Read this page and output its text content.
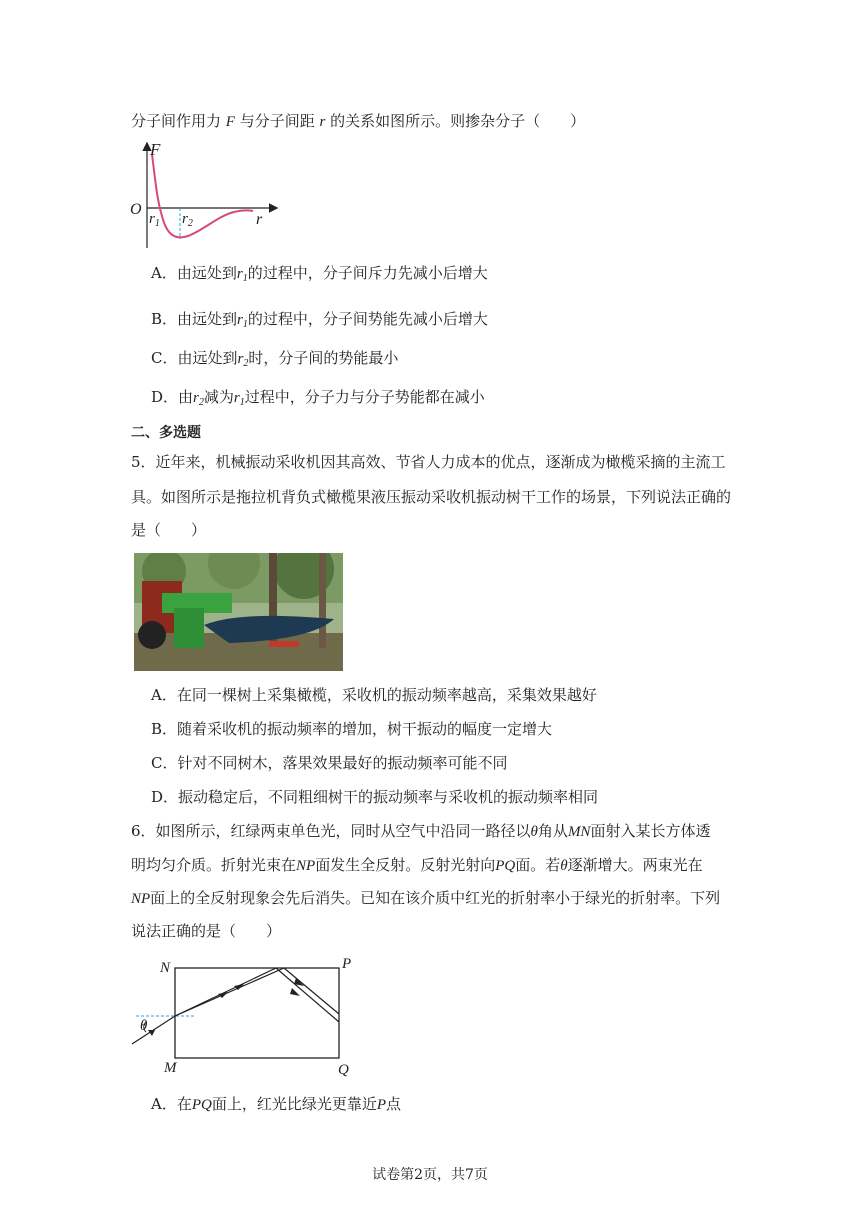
分子间作用力 F 与分子间距 r 的关系如图所示。则掺杂分子（　　）
F
O
$r_1$ $r_2$	r
A．由远处到$r_1$的过程中，分子间斥力先减小后增大
B．由远处到$r_1$的过程中，分子间势能先减小后增大
C．由远处到$r_2$时，分子间的势能最小
D．由$r_2$减为$r_1$过程中，分子力与分子势能都在减小
二、多选题
5．近年来，机械振动采收机因其高效、节省人力成本的优点，逐渐成为橄榄采摘的主流工
具。如图所示是拖拉机背负式橄榄果液压振动采收机振动树干工作的场景，下列说法正确的
是（　　）
A．在同一棵树上采集橄榄，采收机的振动频率越高，采集效果越好
B．随着采收机的振动频率的增加，树干振动的幅度一定增大
C．针对不同树木，落果效果最好的振动频率可能不同
D．振动稳定后，不同粗细树干的振动频率与采收机的振动频率相同
6．如图所示，红绿两束单色光，同时从空气中沿同一路径以θ角从MN面射入某长方体透
明均匀介质。折射光束在NP面发生全反射。反射光射向PQ面。若θ逐渐增大。两束光在
NP面上的全反射现象会先后消失。已知在该介质中红光的折射率小于绿光的折射率。下列
说法正确的是（　　）
θ
N	P
M	Q
A．在PQ面上，红光比绿光更靠近P点
试卷第2页，共7页
